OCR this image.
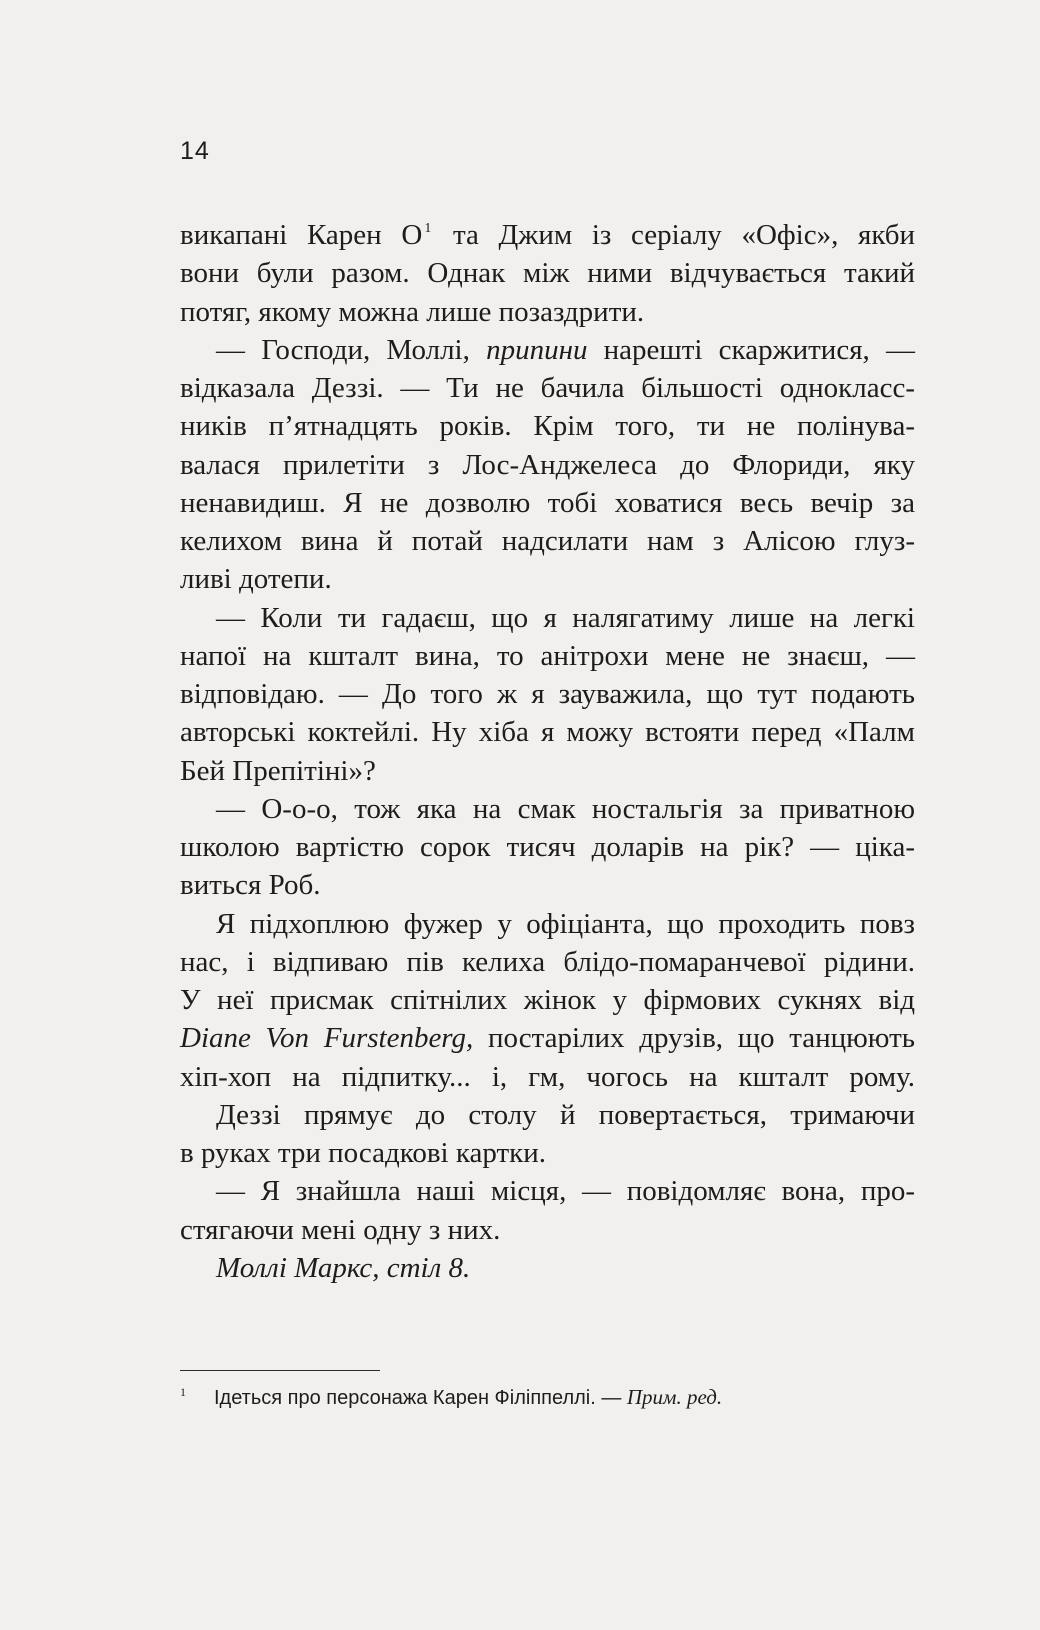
14
викапані Карен О $^1$ та Джим із серіалу «Офіс», якби
вони були разом. Однак між ними відчувається такий
потяг, якому можна лише позаздрити.
— Господи, Моллі, припини нарешті скаржитися, —
відказала Деззі. — Ти не бачила більшості однокласс-
ників п’ятнадцять років. Крім того, ти не полінува-
валася прилетіти з Лос-Анджелеса до Флориди, яку
ненавидиш. Я не дозволю тобі ховатися весь вечір за
келихом вина й потай надсилати нам з Алісою глуз-
ливі дотепи.
— Коли ти гадаєш, що я налягатиму лише на легкі
напої на кшталт вина, то анітрохи мене не знаєш, —
відповідаю. — До того ж я зауважила, що тут подають
авторські коктейлі. Ну хіба я можу встояти перед «Палм
Бей Препітіні»?
— О-о-о, тож яка на смак ностальгія за приватною
школою вартістю сорок тисяч доларів на рік? — ціка-
виться Роб.
Я підхоплюю фужер у офіціанта, що проходить повз
нас, і відпиваю пів келиха блідо-помаранчевої рідини.
У неї присмак спітнілих жінок у фірмових сукнях від
Diane Von Furstenberg, постарілих друзів, що танцюють
хіп-хоп на підпитку... і, гм, чогось на кшталт рому.
Деззі прямує до столу й повертається, тримаючи
в руках три посадкові картки.
— Я знайшла наші місця, — повідомляє вона, про-
стягаючи мені одну з них.
Моллі Маркс, стіл 8.
1 Ідеться про персонажа Карен Філіппеллі. — Прим. ред.
